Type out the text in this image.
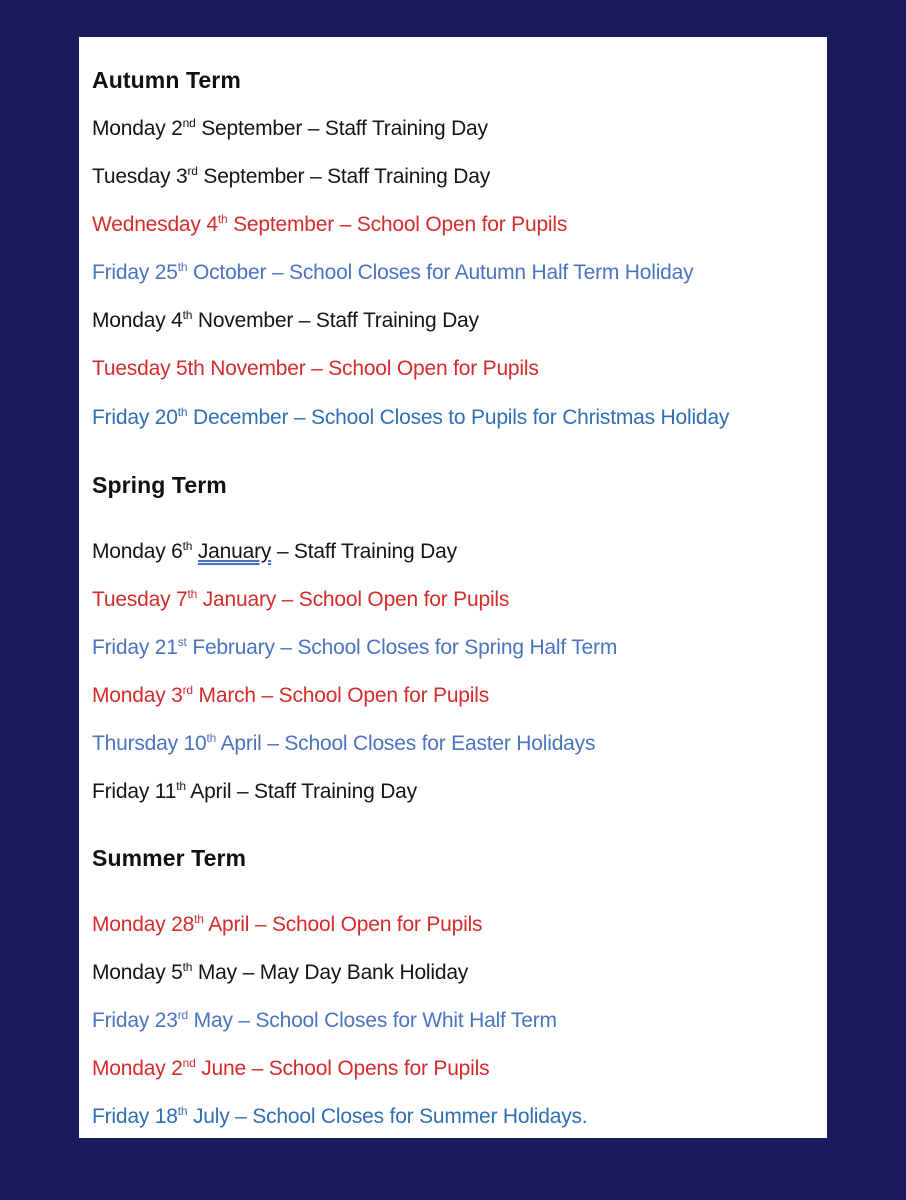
Autumn Term
Monday 2nd September – Staff Training Day
Tuesday 3rd September – Staff Training Day
Wednesday 4th September – School Open for Pupils
Friday 25th October – School Closes for Autumn Half Term Holiday
Monday 4th November – Staff Training Day
Tuesday 5th November – School Open for Pupils
Friday 20th December – School Closes to Pupils for Christmas Holiday
Spring Term
Monday 6th January – Staff Training Day
Tuesday 7th January – School Open for Pupils
Friday 21st February – School Closes for Spring Half Term
Monday 3rd March – School Open for Pupils
Thursday 10th April – School Closes for Easter Holidays
Friday 11th April – Staff Training Day
Summer Term
Monday 28th April – School Open for Pupils
Monday 5th May – May Day Bank Holiday
Friday 23rd May – School Closes for Whit Half Term
Monday 2nd June – School Opens for Pupils
Friday 18th July – School Closes for Summer Holidays.
